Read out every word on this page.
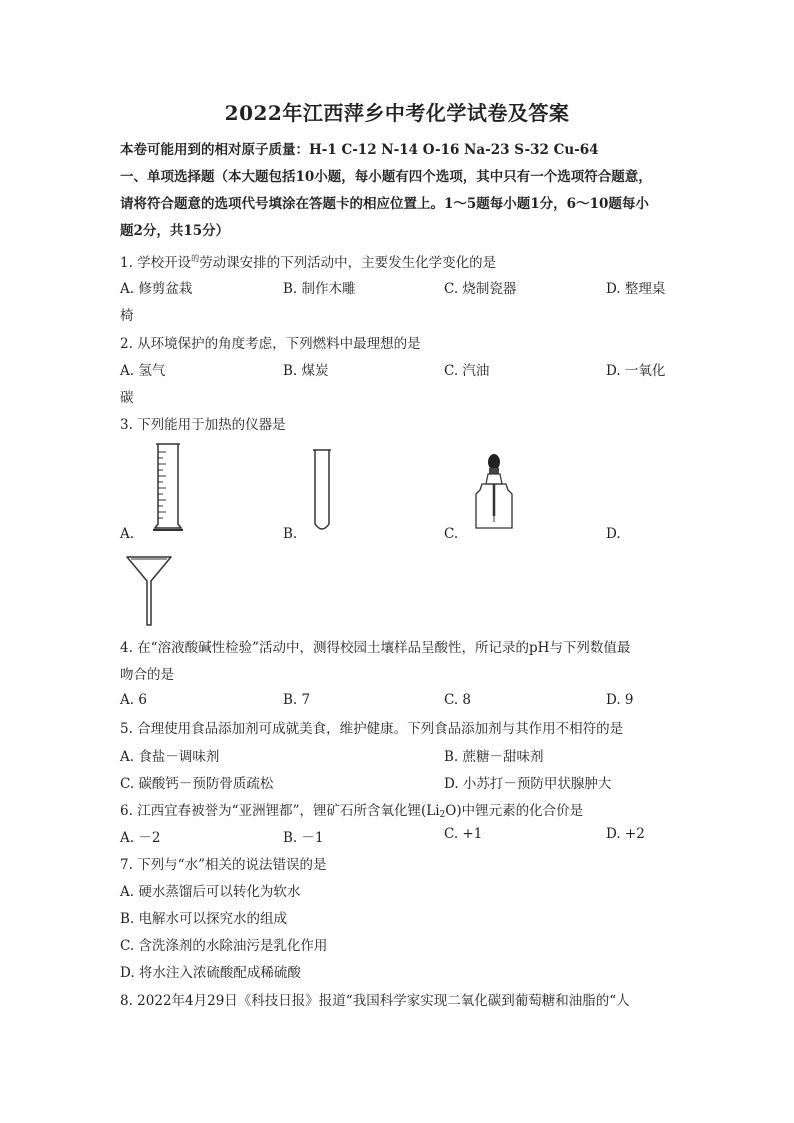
2022年江西萍乡中考化学试卷及答案
本卷可能用到的相对原子质量：H-1 C-12 N-14 O-16 Na-23 S-32 Cu-64
一、单项选择题（本大题包括10小题，每小题有四个选项，其中只有一个选项符合题意，
请将符合题意的选项代号填涂在答题卡的相应位置上。1～5题每小题1分，6～10题每小
题2分，共15分）
1. 学校开设$^的$劳动课安排的下列活动中，主要发生化学变化的是
A. 修剪盆栽	B. 制作木雕	C. 烧制瓷器	D. 整理桌
椅
2. 从环境保护的角度考虑，下列燃料中最理想的是
A. 氢气	B. 煤炭	C. 汽油	D. 一氧化
碳
3. 下列能用于加热的仪器是
A.	B.	C.	D.
4. 在“溶液酸碱性检验”活动中，测得校园土壤样品呈酸性，所记录的pH与下列数值最
吻合的是
A. 6	B. 7	C. 8	D. 9
5. 合理使用食品添加剂可成就美食，维护健康。下列食品添加剂与其作用不相符的是
A. 食盐－调味剂	B. 蔗糖－甜味剂
C. 碳酸钙－预防骨质疏松	D. 小苏打－预防甲状腺肿大
6. 江西宜春被誉为“亚洲锂都”，锂矿石所含氧化锂$(Li_2O)$中锂元素的化合价是
A. －2	B. －1	C. +1	D. +2
7. 下列与“水”相关的说法错误的是
A. 硬水蒸馏后可以转化为软水
B. 电解水可以探究水的组成
C. 含洗涤剂的水除油污是乳化作用
D. 将水注入浓硫酸配成稀硫酸
8. 2022年4月29日《科技日报》报道“我国科学家实现二氧化碳到葡萄糖和油脂的“人
